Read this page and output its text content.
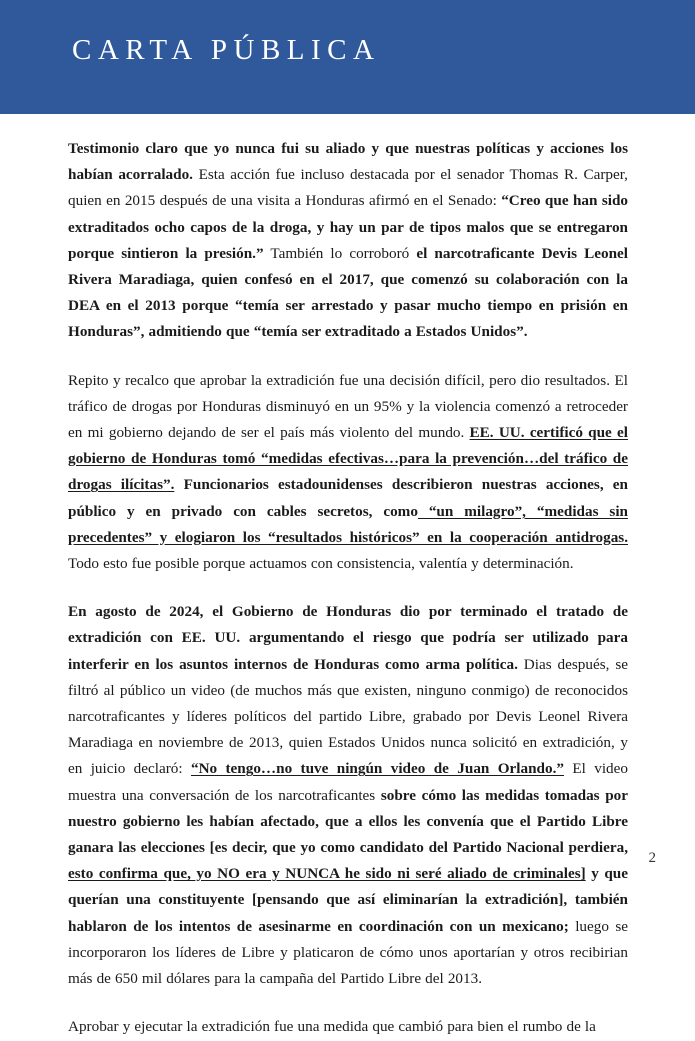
CARTA PÚBLICA

Testimonio claro que yo nunca fui su aliado y que nuestras políticas y acciones los habían acorralado. Esta acción fue incluso destacada por el senador Thomas R. Carper, quien en 2015 después de una visita a Honduras afirmó en el Senado: “Creo que han sido extraditados ocho capos de la droga, y hay un par de tipos malos que se entregaron porque sintieron la presión.” También lo corroboró el narcotraficante Devis Leonel Rivera Maradiaga, quien confesó en el 2017, que comenzó su colaboración con la DEA en el 2013 porque “temía ser arrestado y pasar mucho tiempo en prisión en Honduras”, admitiendo que “temía ser extraditado a Estados Unidos”.

Repito y recalco que aprobar la extradición fue una decisión difícil, pero dio resultados. El tráfico de drogas por Honduras disminuyó en un 95% y la violencia comenzó a retroceder en mi gobierno dejando de ser el país más violento del mundo. EE. UU. certificó que el gobierno de Honduras tomó “medidas efectivas…para la prevención…del tráfico de drogas ilícitas”. Funcionarios estadounidenses describieron nuestras acciones, en público y en privado con cables secretos, como “un milagro”, “medidas sin precedentes” y elogiaron los “resultados históricos” en la cooperación antidrogas. Todo esto fue posible porque actuamos con consistencia, valentía y determinación.

En agosto de 2024, el Gobierno de Honduras dio por terminado el tratado de extradición con EE. UU. argumentando el riesgo que podría ser utilizado para interferir en los asuntos internos de Honduras como arma política. Dias después, se filtró al público un video (de muchos más que existen, ninguno conmigo) de reconocidos narcotraficantes y líderes políticos del partido Libre, grabado por Devis Leonel Rivera Maradiaga en noviembre de 2013, quien Estados Unidos nunca solicitó en extradición, y en juicio declaró: “No tengo…no tuve ningún video de Juan Orlando.” El video muestra una conversación de los narcotraficantes sobre cómo las medidas tomadas por nuestro gobierno les habían afectado, que a ellos les convenía que el Partido Libre ganara las elecciones [es decir, que yo como candidato del Partido Nacional perdiera, esto confirma que, yo NO era y NUNCA he sido ni seré aliado de criminales] y que querían una constituyente [pensando que así eliminarían la extradición], también hablaron de los intentos de asesinarme en coordinación con un mexicano; luego se incorporaron los líderes de Libre y platicaron de cómo unos aportarían y otros recibirian más de 650 mil dólares para la campaña del Partido Libre del 2013.

Aprobar y ejecutar la extradición fue una medida que cambió para bien el rumbo de la

2
